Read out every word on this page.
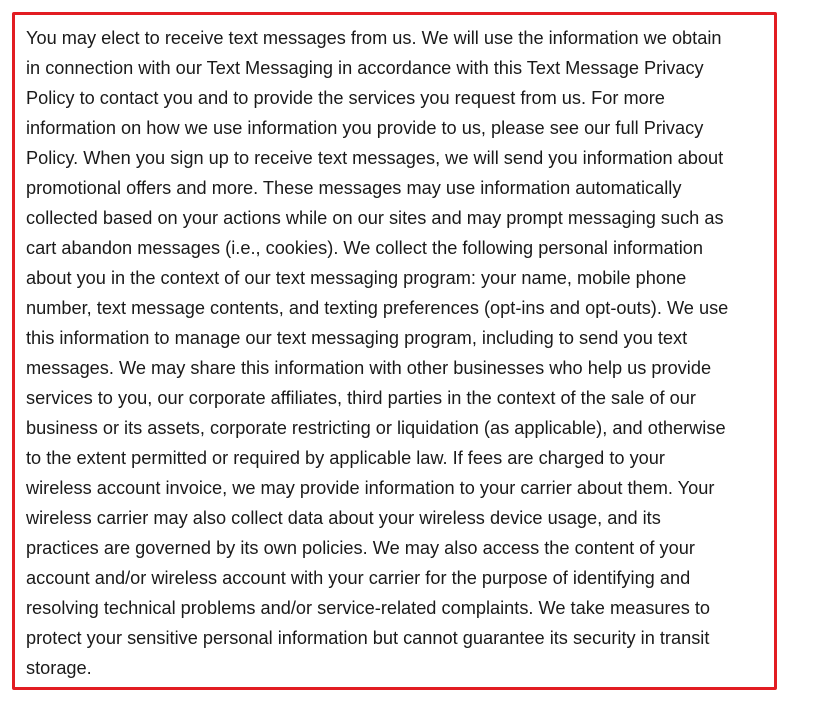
You may elect to receive text messages from us. We will use the information we obtain
in connection with our Text Messaging in accordance with this Text Message Privacy
Policy to contact you and to provide the services you request from us. For more
information on how we use information you provide to us, please see our full Privacy
Policy. When you sign up to receive text messages, we will send you information about
promotional offers and more. These messages may use information automatically
collected based on your actions while on our sites and may prompt messaging such as
cart abandon messages (i.e., cookies). We collect the following personal information
about you in the context of our text messaging program: your name, mobile phone
number, text message contents, and texting preferences (opt-ins and opt-outs). We use
this information to manage our text messaging program, including to send you text
messages. We may share this information with other businesses who help us provide
services to you, our corporate affiliates, third parties in the context of the sale of our
business or its assets, corporate restricting or liquidation (as applicable), and otherwise
to the extent permitted or required by applicable law. If fees are charged to your
wireless account invoice, we may provide information to your carrier about them. Your
wireless carrier may also collect data about your wireless device usage, and its
practices are governed by its own policies. We may also access the content of your
account and/or wireless account with your carrier for the purpose of identifying and
resolving technical problems and/or service-related complaints. We take measures to
protect your sensitive personal information but cannot guarantee its security in transit
storage.
